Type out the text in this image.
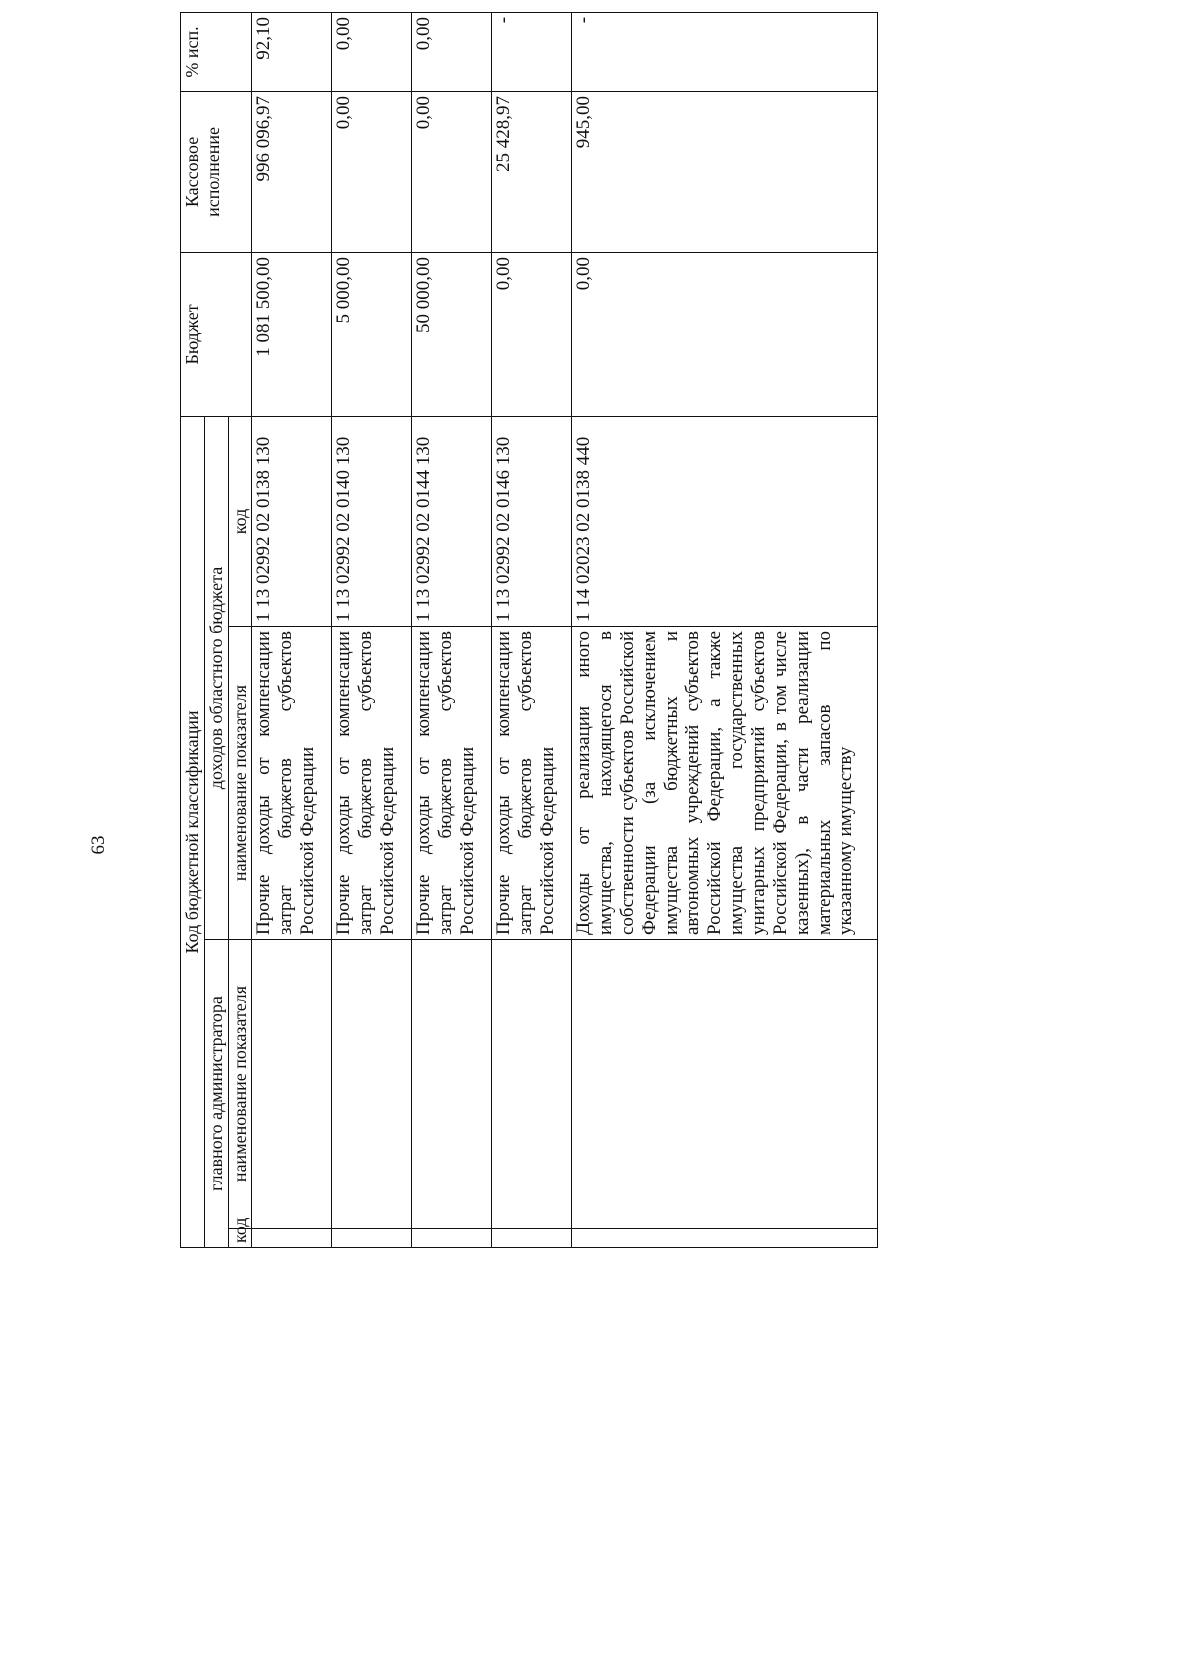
63	Код бюджетной классификации				Бюджет	Кассовое исполнение	% исп.
главного администратора		доходов областного бюджета				
код	наименование показателя	наименование показателя	код			
		Прочие доходы от компенсации затрат бюджетов субъектов Российской Федерации	1 13 02992 02 0138 130	1 081 500,00	996 096,97	92,10
		Прочие доходы от компенсации затрат бюджетов субъектов Российской Федерации	1 13 02992 02 0140 130	5 000,00	0,00	0,00
		Прочие доходы от компенсации затрат бюджетов субъектов Российской Федерации	1 13 02992 02 0144 130	50 000,00	0,00	0,00
		Прочие доходы от компенсации затрат бюджетов субъектов Российской Федерации	1 13 02992 02 0146 130	0,00	25 428,97	-
		Доходы от реализации иного имущества, находящегося в собственности субъектов Российской Федерации (за исключением имущества бюджетных и автономных учреждений субъектов Российской Федерации, а также имущества государственных унитарных предприятий субъектов Российской Федерации, в том числе казенных), в части реализации материальных запасов по указанному имуществу	1 14 02023 02 0138 440	0,00	945,00	-
